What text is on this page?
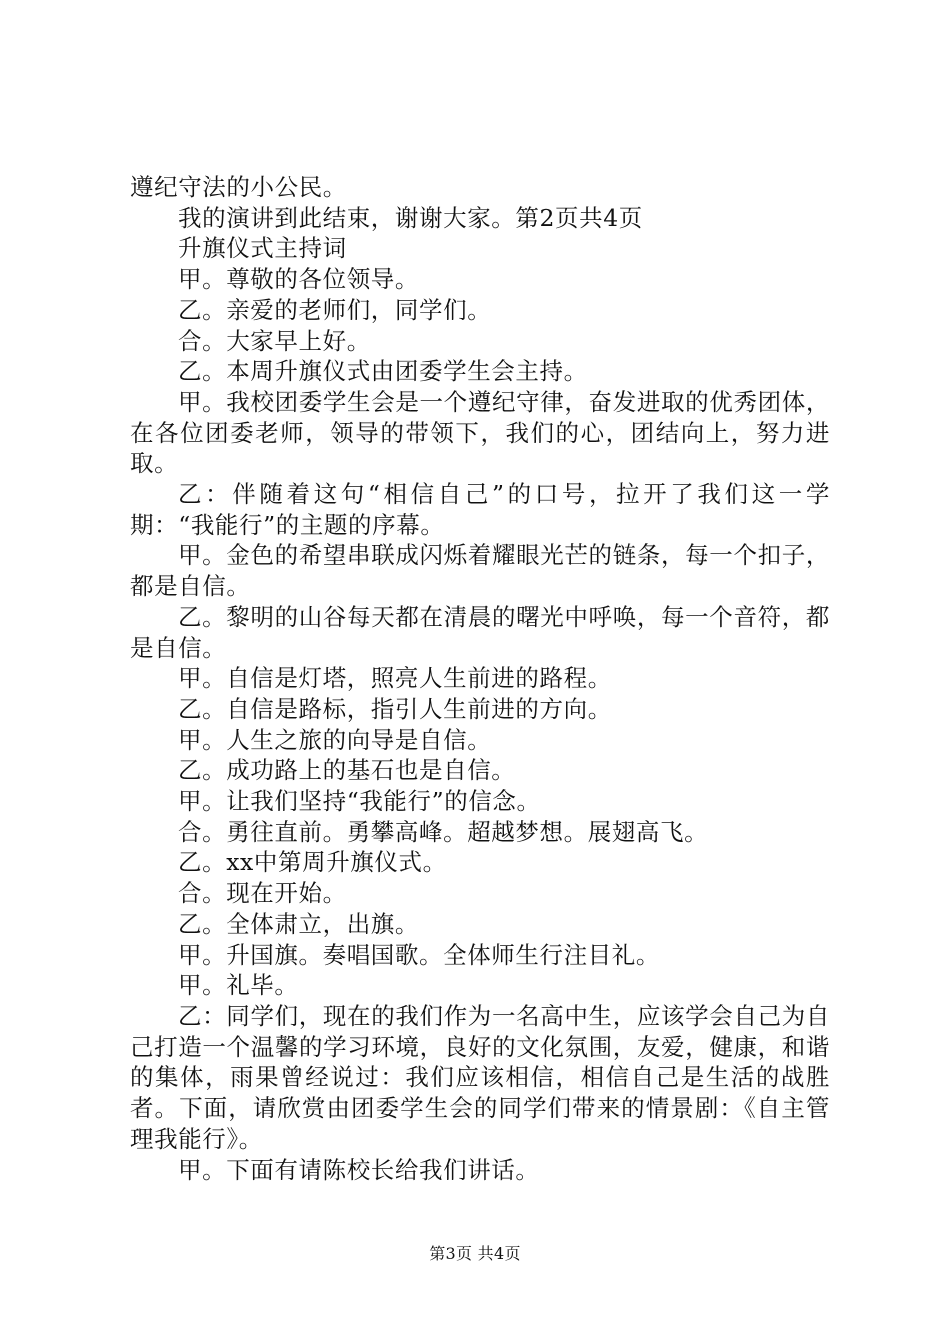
遵纪守法的小公民。

我的演讲到此结束，谢谢大家。第2页共4页

升旗仪式主持词

甲。尊敬的各位领导。

乙。亲爱的老师们，同学们。

合。大家早上好。

乙。本周升旗仪式由团委学生会主持。

甲。我校团委学生会是一个遵纪守律，奋发进取的优秀团体，在各位团委老师，领导的带领下，我们的心，团结向上，努力进取。

乙：伴随着这句“相信自己”的口号，拉开了我们这一学期：“我能行”的主题的序幕。

甲。金色的希望串联成闪烁着耀眼光芒的链条，每一个扣子，都是自信。

乙。黎明的山谷每天都在清晨的曙光中呼唤，每一个音符，都是自信。

甲。自信是灯塔，照亮人生前进的路程。

乙。自信是路标，指引人生前进的方向。

甲。人生之旅的向导是自信。

乙。成功路上的基石也是自信。

甲。让我们坚持“我能行”的信念。

合。勇往直前。勇攀高峰。超越梦想。展翅高飞。

乙。xx中第周升旗仪式。

合。现在开始。

乙。全体肃立，出旗。

甲。升国旗。奏唱国歌。全体师生行注目礼。

甲。礼毕。

乙：同学们，现在的我们作为一名高中生，应该学会自己为自己打造一个温馨的学习环境，良好的文化氛围，友爱，健康，和谐的集体，雨果曾经说过：我们应该相信，相信自己是生活的战胜者。下面，请欣赏由团委学生会的同学们带来的情景剧：《自主管理我能行》。

甲。下面有请陈校长给我们讲话。

第3页 共4页
